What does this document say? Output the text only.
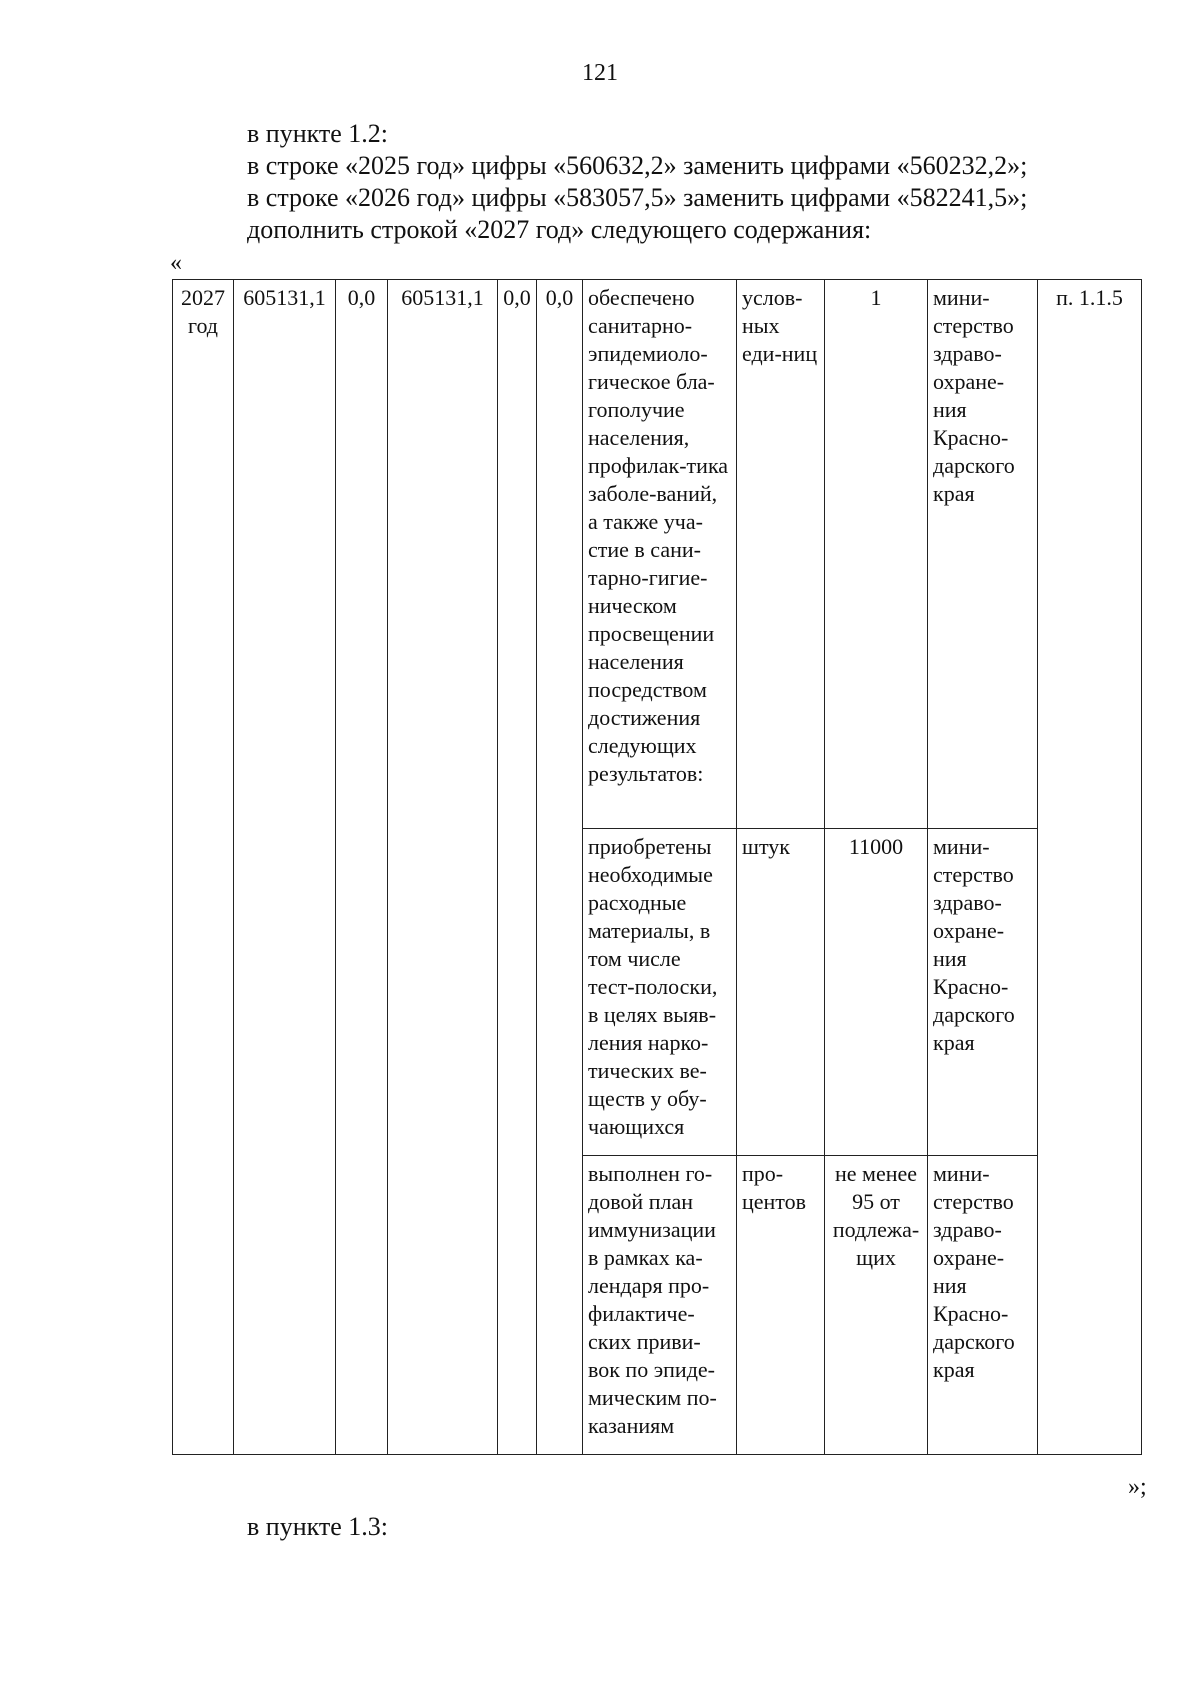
121
в пункте 1.2:
в строке «2025 год» цифры «560632,2» заменить цифрами «560232,2»;
в строке «2026 год» цифры «583057,5» заменить цифрами «582241,5»;
дополнить строкой «2027 год» следующего содержания:
«
2027 год	605131,1	0,0	605131,1	0,0	0,0	обеспечено санитарно-эпидемиоло-гическое бла-гополучие населения, профилак-тика заболе-ваний, а также уча-стие в сани-тарно-гигие-ническом просвещении населения посредством достижения следующих результатов:	услов-ных еди-ниц	1	мини-стерство здраво-охране-ния Красно-дарского края	п. 1.1.5
						приобретены необходимые расходные материалы, в том числе тест-полоски, в целях выяв-ления нарко-тических ве-ществ у обу-чающихся	штук	11000	мини-стерство здраво-охране-ния Красно-дарского края	
						выполнен го-довой план иммунизации в рамках ка-лендаря про-филактиче-ских приви-вок по эпиде-мическим по-казаниям	про-центов	не менее 95 от подлежа-щих	мини-стерство здраво-охране-ния Красно-дарского края	
»;
в пункте 1.3:
